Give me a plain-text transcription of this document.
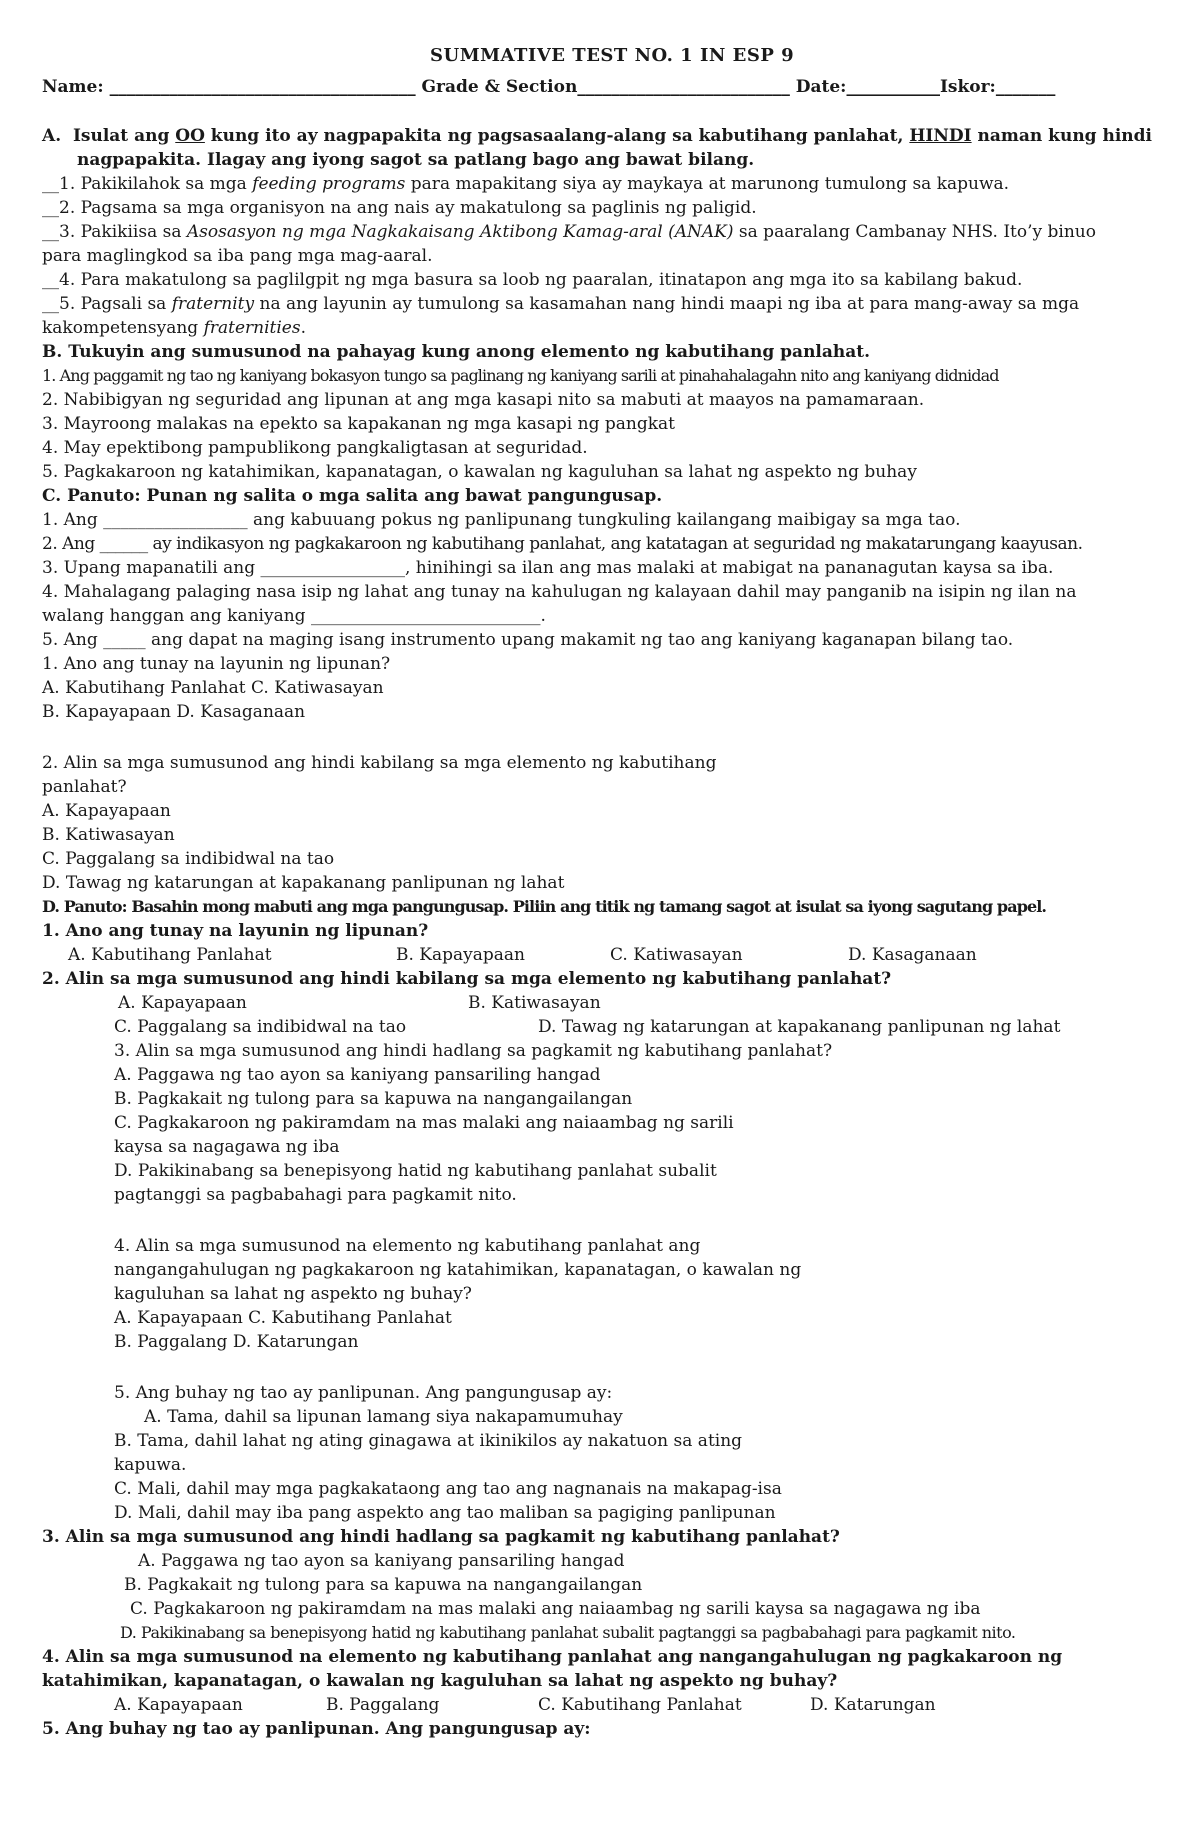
SUMMATIVE TEST NO. 1 IN ESP 9
Name: ____________________________________ Grade & Section_________________________ Date:___________Iskor:_______
A. Isulat ang OO kung ito ay nagpapakita ng pagsasaalang-alang sa kabutihang panlahat, HINDI naman kung hindi
nagpapakita. Ilagay ang iyong sagot sa patlang bago ang bawat bilang.
__1. Pakikilahok sa mga feeding programs para mapakitang siya ay maykaya at marunong tumulong sa kapuwa.
__2. Pagsama sa mga organisyon na ang nais ay makatulong sa paglinis ng paligid.
__3. Pakikiisa sa Asosasyon ng mga Nagkakaisang Aktibong Kamag-aral (ANAK) sa paaralang Cambanay NHS. Ito’y binuo
para maglingkod sa iba pang mga mag-aaral.
__4. Para makatulong sa paglilgpit ng mga basura sa loob ng paaralan, itinatapon ang mga ito sa kabilang bakud.
__5. Pagsali sa fraternity na ang layunin ay tumulong sa kasamahan nang hindi maapi ng iba at para mang-away sa mga
kakompetensyang fraternities.
B. Tukuyin ang sumusunod na pahayag kung anong elemento ng kabutihang panlahat.
1. Ang paggamit ng tao ng kaniyang bokasyon tungo sa paglinang ng kaniyang sarili at pinahahalagahn nito ang kaniyang didnidad
2. Nabibigyan ng seguridad ang lipunan at ang mga kasapi nito sa mabuti at maayos na pamamaraan.
3. Mayroong malakas na epekto sa kapakanan ng mga kasapi ng pangkat
4. May epektibong pampublikong pangkaligtasan at seguridad.
5. Pagkakaroon ng katahimikan, kapanatagan, o kawalan ng kaguluhan sa lahat ng aspekto ng buhay
C. Panuto: Punan ng salita o mga salita ang bawat pangungusap.
1. Ang _________________ ang kabuuang pokus ng panlipunang tungkuling kailangang maibigay sa mga tao.
2. Ang ______ ay indikasyon ng pagkakaroon ng kabutihang panlahat, ang katatagan at seguridad ng makatarungang kaayusan.
3. Upang mapanatili ang _________________, hinihingi sa ilan ang mas malaki at mabigat na pananagutan kaysa sa iba.
4. Mahalagang palaging nasa isip ng lahat ang tunay na kahulugan ng kalayaan dahil may panganib na isipin ng ilan na
walang hanggan ang kaniyang ___________________________.
5. Ang _____ ang dapat na maging isang instrumento upang makamit ng tao ang kaniyang kaganapan bilang tao.
1. Ano ang tunay na layunin ng lipunan?
A. Kabutihang Panlahat C. Katiwasayan
B. Kapayapaan D. Kasaganaan
2. Alin sa mga sumusunod ang hindi kabilang sa mga elemento ng kabutihang
panlahat?
A. Kapayapaan
B. Katiwasayan
C. Paggalang sa indibidwal na tao
D. Tawag ng katarungan at kapakanang panlipunan ng lahat
D. Panuto: Basahin mong mabuti ang mga pangungusap. Piliin ang titik ng tamang sagot at isulat sa iyong sagutang papel.
1. Ano ang tunay na layunin ng lipunan?
A. Kabutihang Panlahat	B. Kapayapaan	C. Katiwasayan	D. Kasaganaan
2. Alin sa mga sumusunod ang hindi kabilang sa mga elemento ng kabutihang panlahat?
A. Kapayapaan	B. Katiwasayan
C. Paggalang sa indibidwal na tao	D. Tawag ng katarungan at kapakanang panlipunan ng lahat
3. Alin sa mga sumusunod ang hindi hadlang sa pagkamit ng kabutihang panlahat?
A. Paggawa ng tao ayon sa kaniyang pansariling hangad
B. Pagkakait ng tulong para sa kapuwa na nangangailangan
C. Pagkakaroon ng pakiramdam na mas malaki ang naiaambag ng sarili
kaysa sa nagagawa ng iba
D. Pakikinabang sa benepisyong hatid ng kabutihang panlahat subalit
pagtanggi sa pagbabahagi para pagkamit nito.
4. Alin sa mga sumusunod na elemento ng kabutihang panlahat ang
nangangahulugan ng pagkakaroon ng katahimikan, kapanatagan, o kawalan ng
kaguluhan sa lahat ng aspekto ng buhay?
A. Kapayapaan C. Kabutihang Panlahat
B. Paggalang D. Katarungan
5. Ang buhay ng tao ay panlipunan. Ang pangungusap ay:
A. Tama, dahil sa lipunan lamang siya nakapamumuhay
B. Tama, dahil lahat ng ating ginagawa at ikinikilos ay nakatuon sa ating
kapuwa.
C. Mali, dahil may mga pagkakataong ang tao ang nagnanais na makapag-isa
D. Mali, dahil may iba pang aspekto ang tao maliban sa pagiging panlipunan
3. Alin sa mga sumusunod ang hindi hadlang sa pagkamit ng kabutihang panlahat?
A. Paggawa ng tao ayon sa kaniyang pansariling hangad
B. Pagkakait ng tulong para sa kapuwa na nangangailangan
C. Pagkakaroon ng pakiramdam na mas malaki ang naiaambag ng sarili kaysa sa nagagawa ng iba
D. Pakikinabang sa benepisyong hatid ng kabutihang panlahat subalit pagtanggi sa pagbabahagi para pagkamit nito.
4. Alin sa mga sumusunod na elemento ng kabutihang panlahat ang nangangahulugan ng pagkakaroon ng
katahimikan, kapanatagan, o kawalan ng kaguluhan sa lahat ng aspekto ng buhay?
A. Kapayapaan	B. Paggalang	C. Kabutihang Panlahat	D. Katarungan
5. Ang buhay ng tao ay panlipunan. Ang pangungusap ay:
